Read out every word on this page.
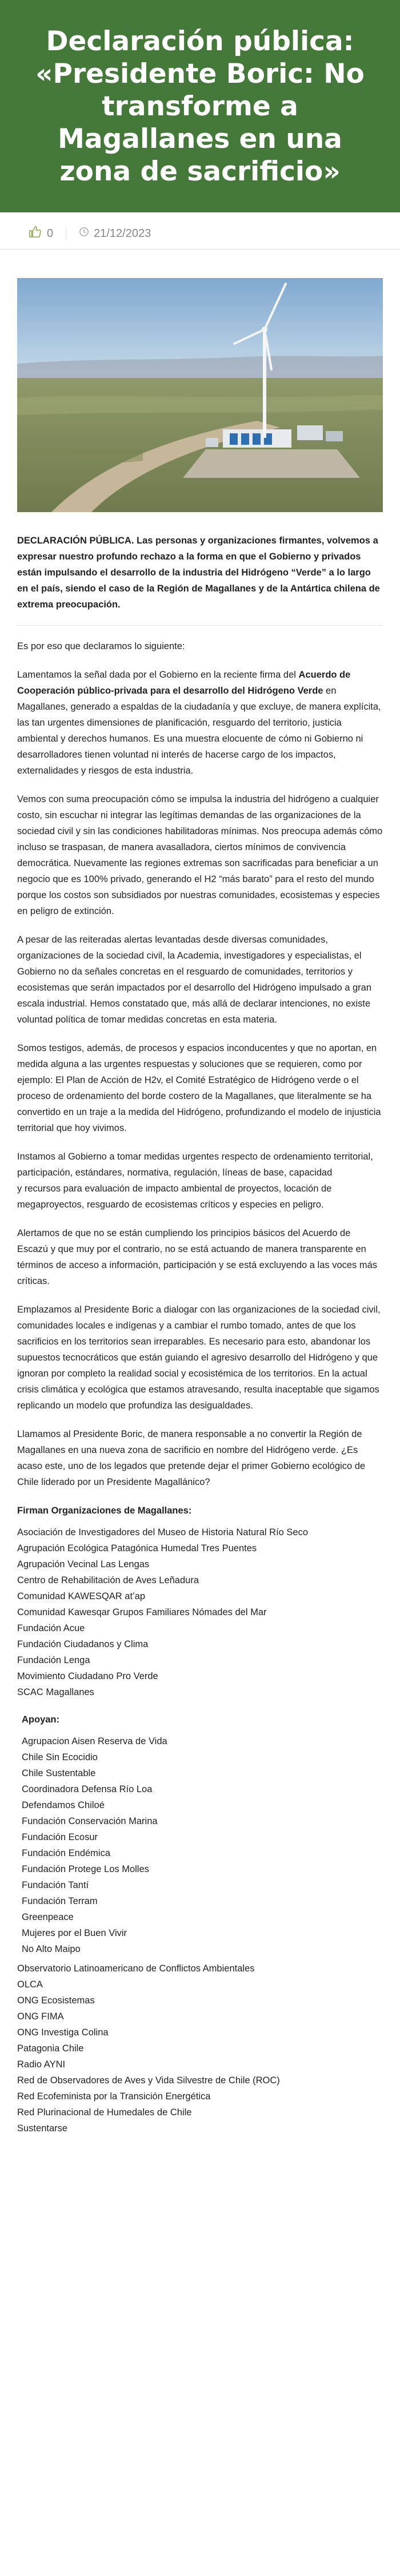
Declaración pública: «Presidente Boric: No transforme a Magallanes en una zona de sacrificio»
0	21/12/2023

DECLARACIÓN PÚBLICA. Las personas y organizaciones firmantes, volvemos a expresar nuestro profundo rechazo a la forma en que el Gobierno y privados están impulsando el desarrollo de la industria del Hidrógeno “Verde” a lo largo en el país, siendo el caso de la Región de Magallanes y de la Antártica chilena de extrema preocupación.

Es por eso que declaramos lo siguiente:

Lamentamos la señal dada por el Gobierno en la reciente firma del Acuerdo de Cooperación público-privada para el desarrollo del Hidrógeno Verde en Magallanes, generado a espaldas de la ciudadanía y que excluye, de manera explícita, las tan urgentes dimensiones de planificación, resguardo del territorio, justicia ambiental y derechos humanos. Es una muestra elocuente de cómo ni Gobierno ni desarrolladores tienen voluntad ni interés de hacerse cargo de los impactos, externalidades y riesgos de esta industria.

Vemos con suma preocupación cómo se impulsa la industria del hidrógeno a cualquier costo, sin escuchar ni integrar las legítimas demandas de las organizaciones de la sociedad civil y sin las condiciones habilitadoras mínimas. Nos preocupa además cómo incluso se traspasan, de manera avasalladora, ciertos mínimos de convivencia democrática. Nuevamente las regiones extremas son sacrificadas para beneficiar a un negocio que es 100% privado, generando el H2 “más barato” para el resto del mundo porque los costos son subsidiados por nuestras comunidades, ecosistemas y especies en peligro de extinción.

A pesar de las reiteradas alertas levantadas desde diversas comunidades, organizaciones de la sociedad civil, la Academia, investigadores y especialistas, el Gobierno no da señales concretas en el resguardo de comunidades, territorios y ecosistemas que serán impactados por el desarrollo del Hidrógeno impulsado a gran escala industrial. Hemos constatado que, más allá de declarar intenciones, no existe voluntad política de tomar medidas concretas en esta materia.

Somos testigos, además, de procesos y espacios inconducentes y que no aportan, en medida alguna a las urgentes respuestas y soluciones que se requieren, como por ejemplo: El Plan de Acción de H2v, el Comité Estratégico de Hidrógeno verde o el proceso de ordenamiento del borde costero de la Magallanes, que literalmente se ha convertido en un traje a la medida del Hidrógeno, profundizando el modelo de injusticia territorial que hoy vivimos.

Instamos al Gobierno a tomar medidas urgentes respecto de ordenamiento territorial, participación, estándares, normativa, regulación, líneas de base, capacidad
y recursos para evaluación de impacto ambiental de proyectos, locación de megaproyectos, resguardo de ecosistemas críticos y especies en peligro.

Alertamos de que no se están cumpliendo los principios básicos del Acuerdo de Escazú y que muy por el contrario, no se está actuando de manera transparente en términos de acceso a información, participación y se está excluyendo a las voces más críticas.

Emplazamos al Presidente Boric a dialogar con las organizaciones de la sociedad civil, comunidades locales e indígenas y a cambiar el rumbo tomado, antes de que los sacrificios en los territorios sean irreparables. Es necesario para esto, abandonar los supuestos tecnocráticos que están guiando el agresivo desarrollo del Hidrógeno y que ignoran por completo la realidad social y ecosistémica de los territorios. En la actual crisis climática y ecológica que estamos atravesando, resulta inaceptable que sigamos replicando un modelo que profundiza las desigualdades.

Llamamos al Presidente Boric, de manera responsable a no convertir la Región de Magallanes en una nueva zona de sacrificio en nombre del Hidrógeno verde. ¿Es acaso este, uno de los legados que pretende dejar el primer Gobierno ecológico de Chile liderado por un Presidente Magallánico?

Firman Organizaciones de Magallanes:
Asociación de Investigadores del Museo de Historia Natural Río Seco
Agrupación Ecológica Patagónica Humedal Tres Puentes
Agrupación Vecinal Las Lengas
Centro de Rehabilitación de Aves Leñadura
Comunidad KAWESQAR at’ap
Comunidad Kawesqar Grupos Familiares Nómades del Mar
Fundación Acue
Fundación Ciudadanos y Clima
Fundación Lenga
Movimiento Ciudadano Pro Verde
SCAC Magallanes
Apoyan:
Agrupacion Aisen Reserva de Vida
Chile Sin Ecocidio
Chile Sustentable
Coordinadora Defensa Río Loa
Defendamos Chiloé
Fundación Conservación Marina
Fundación Ecosur
Fundación Endémica
Fundación Protege Los Molles
Fundación Tantí
Fundación Terram
Greenpeace
Mujeres por el Buen Vivir
No Alto Maipo
Observatorio Latinoamericano de Conflictos Ambientales
OLCA
ONG Ecosistemas
ONG FIMA
ONG Investiga Colina
Patagonia Chile
Radio AYNI
Red de Observadores de Aves y Vida Silvestre de Chile (ROC)
Red Ecofeminista por la Transición Energética
Red Plurinacional de Humedales de Chile
Sustentarse
